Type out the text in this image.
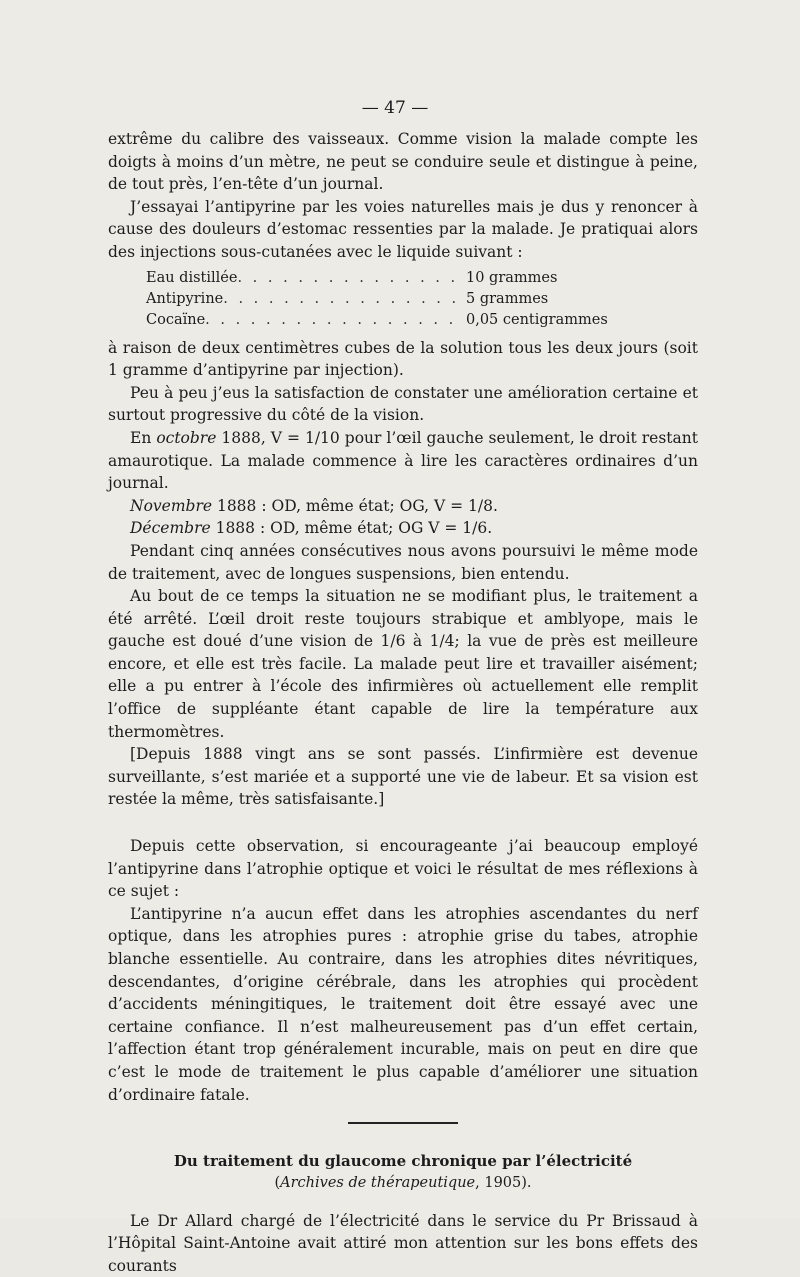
— 47 —

extrême du calibre des vaisseaux. Comme vision la malade compte les doigts à moins d’un mètre, ne peut se conduire seule et distingue à peine, de tout près, l’en-tête d’un journal.

J’essayai l’antipyrine par les voies naturelles mais je dus y renoncer à cause des douleurs d’estomac ressenties par la malade. Je pratiquai alors des injections sous-cutanées avec le liquide suivant :

Eau distillée . . .	10 grammes
Antipyrine . . .	5 grammes
Cocaïne . . .	0,05 centigrammes

à raison de deux centimètres cubes de la solution tous les deux jours (soit 1 gramme d’antipyrine par injection).

Peu à peu j’eus la satisfaction de constater une amélioration certaine et surtout progressive du côté de la vision.

En octobre 1888, V = 1/10 pour l’œil gauche seulement, le droit restant amaurotique. La malade commence à lire les caractères ordinaires d’un journal.

Novembre 1888 : OD, même état; OG, V = 1/8.

Décembre 1888 : OD, même état; OG V = 1/6.

Pendant cinq années consécutives nous avons poursuivi le même mode de traitement, avec de longues suspensions, bien entendu.

Au bout de ce temps la situation ne se modifiant plus, le traitement a été arrêté. L’œil droit reste toujours strabique et amblyope, mais le gauche est doué d’une vision de 1/6 à 1/4; la vue de près est meilleure encore, et elle est très facile. La malade peut lire et travailler aisément; elle a pu entrer à l’école des infirmières où actuellement elle remplit l’office de suppléante étant capable de lire la température aux thermomètres.

[Depuis 1888 vingt ans se sont passés. L’infirmière est devenue surveillante, s’est mariée et a supporté une vie de labeur. Et sa vision est restée la même, très satisfaisante.]

Depuis cette observation, si encourageante j’ai beaucoup employé l’antipyrine dans l’atrophie optique et voici le résultat de mes réflexions à ce sujet :

L’antipyrine n’a aucun effet dans les atrophies ascendantes du nerf optique, dans les atrophies pures : atrophie grise du tabes, atrophie blanche essentielle. Au contraire, dans les atrophies dites névritiques, descendantes, d’origine cérébrale, dans les atrophies qui procèdent d’accidents méningitiques, le traitement doit être essayé avec une certaine confiance. Il n’est malheureusement pas d’un effet certain, l’affection étant trop généralement incurable, mais on peut en dire que c’est le mode de traitement le plus capable d’améliorer une situation d’ordinaire fatale.

Du traitement du glaucome chronique par l’électricité
(Archives de thérapeutique, 1905).

Le Dr Allard chargé de l’électricité dans le service du Pr Brissaud à l’Hôpital Saint-Antoine avait attiré mon attention sur les bons effets des courants
